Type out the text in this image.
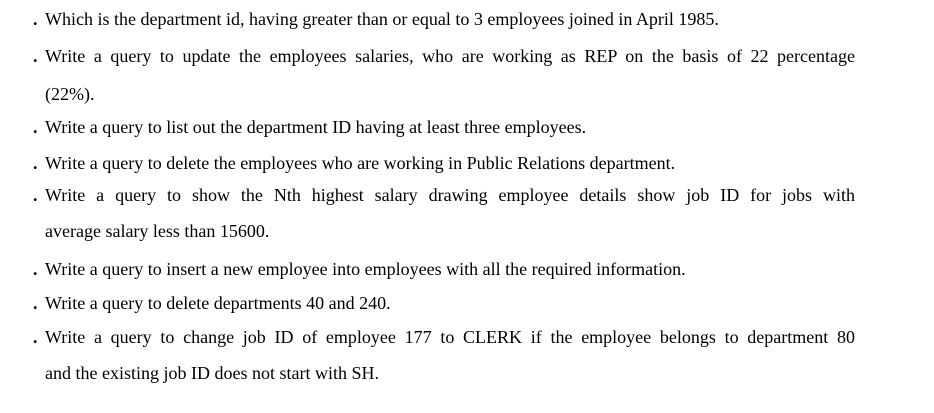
. Which is the department id, having greater than or equal to 3 employees joined in April 1985.
. Write a query to update the employees salaries, who are working as REP on the basis of 22 percentage
(22%).
. Write a query to list out the department ID having at least three employees.
. Write a query to delete the employees who are working in Public Relations department.
. Write a query to show the Nth highest salary drawing employee details show job ID for jobs with
average salary less than 15600.
. Write a query to insert a new employee into employees with all the required information.
. Write a query to delete departments 40 and 240.
. Write a query to change job ID of employee 177 to CLERK if the employee belongs to department 80
and the existing job ID does not start with SH.
